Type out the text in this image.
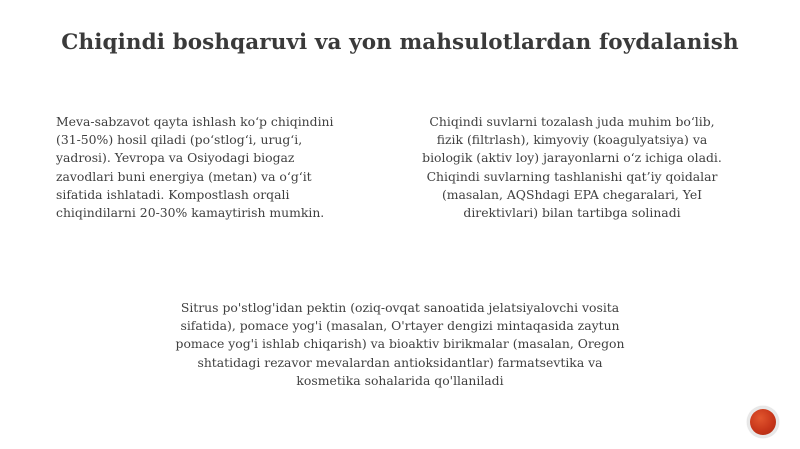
Chiqindi boshqaruvi va yon mahsulotlardan foydalanish
Meva-sabzavot qayta ishlash ko‘p chiqindini
(31-50%) hosil qiladi (po‘stlog‘i, urug‘i,
yadrosi). Yevropa va Osiyodagi biogaz
zavodlari buni energiya (metan) va o‘g‘it
sifatida ishlatadi. Kompostlash orqali
chiqindilarni 20-30% kamaytirish mumkin.
Chiqindi suvlarni tozalash juda muhim bo‘lib,
fizik (filtrlash), kimyoviy (koagulyatsiya) va
biologik (aktiv loy) jarayonlarni o‘z ichiga oladi.
Chiqindi suvlarning tashlanishi qat’iy qoidalar
(masalan, AQShdagi EPA chegaralari, YeI
direktivlari) bilan tartibga solinadi
Sitrus po'stlog'idan pektin (oziq-ovqat sanoatida jelatsiyalovchi vosita
sifatida), pomace yog'i (masalan, O'rtayer dengizi mintaqasida zaytun
pomace yog'i ishlab chiqarish) va bioaktiv birikmalar (masalan, Oregon
shtatidagi rezavor mevalardan antioksidantlar) farmatsevtika va
kosmetika sohalarida qo'llaniladi
